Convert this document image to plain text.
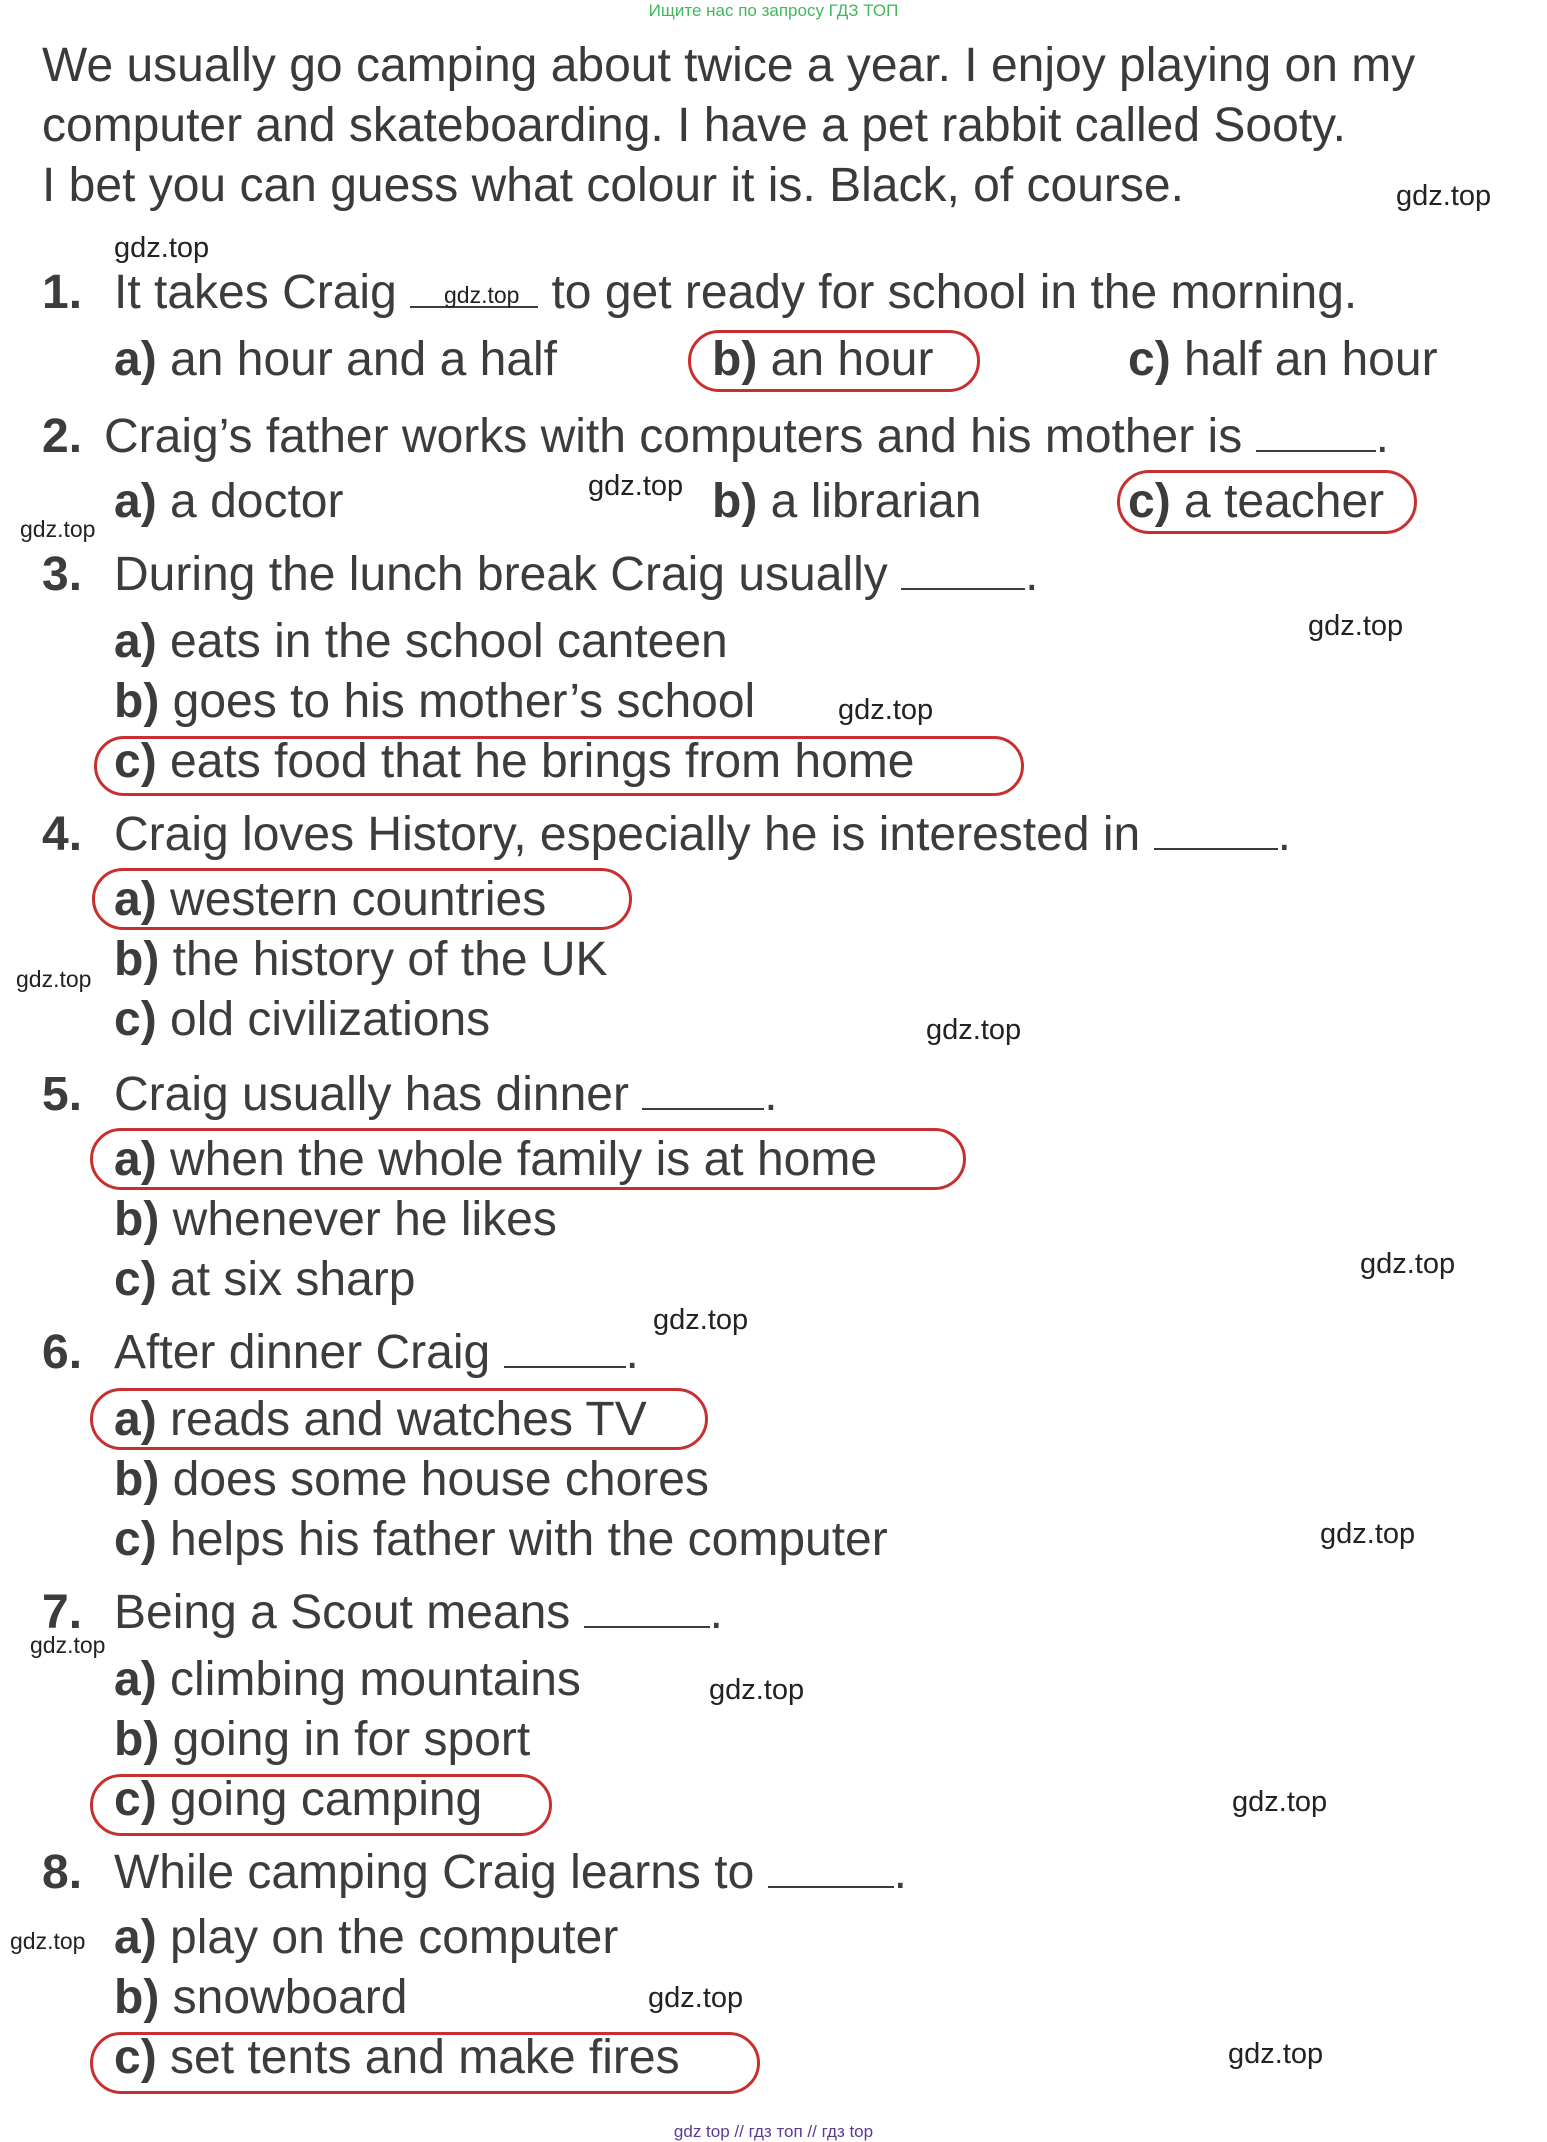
Ищите нас по запросу ГДЗ ТОП

We usually go camping about twice a year. I enjoy playing on my
computer and skateboarding. I have a pet rabbit called Sooty.
I bet you can guess what colour it is. Black, of course.

1. It takes Craig	to get ready for school in the morning.
a) an hour and a half	b) an hour	c) half an hour
2. Craig’s father works with computers and his mother is	.
a) a doctor	b) a librarian	c) a teacher
3. During the lunch break Craig usually	.
a) eats in the school canteen
b) goes to his mother’s school
c) eats food that he brings from home
4. Craig loves History, especially he is interested in	.
a) western countries
b) the history of the UK
c) old civilizations
5. Craig usually has dinner	.
a) when the whole family is at home
b) whenever he likes
c) at six sharp
6. After dinner Craig	.
a) reads and watches TV
b) does some house chores
c) helps his father with the computer
7. Being a Scout means	.
a) climbing mountains
b) going in for sport
c) going camping
8. While camping Craig learns to	.
a) play on the computer
b) snowboard
c) set tents and make fires
gdz.top
gdz.top
gdz.top
gdz.top
gdz.top
gdz.top
gdz.top
gdz.top
gdz.top
gdz.top
gdz.top
gdz.top
gdz.top
gdz.top
gdz.top
gdz.top
gdz.top
gdz.top
gdz top // гдз топ // гдз top
